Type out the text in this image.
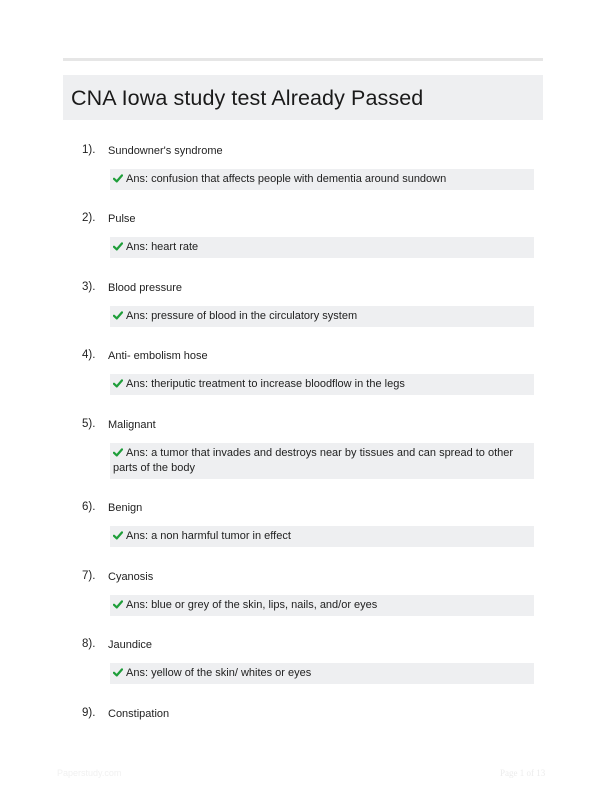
CNA Iowa study test Already Passed
1). Sundowner's syndrome
Ans: confusion that affects people with dementia around sundown
2). Pulse
Ans: heart rate
3). Blood pressure
Ans: pressure of blood in the circulatory system
4). Anti- embolism hose
Ans: theriputic treatment to increase bloodflow in the legs
5). Malignant
Ans: a tumor that invades and destroys near by tissues and can spread to other parts of the body
6). Benign
Ans: a non harmful tumor in effect
7). Cyanosis
Ans: blue or grey of the skin, lips, nails, and/or eyes
8). Jaundice
Ans: yellow of the skin/ whites or eyes
9). Constipation
Paperstudy.com	Page 1 of 13
